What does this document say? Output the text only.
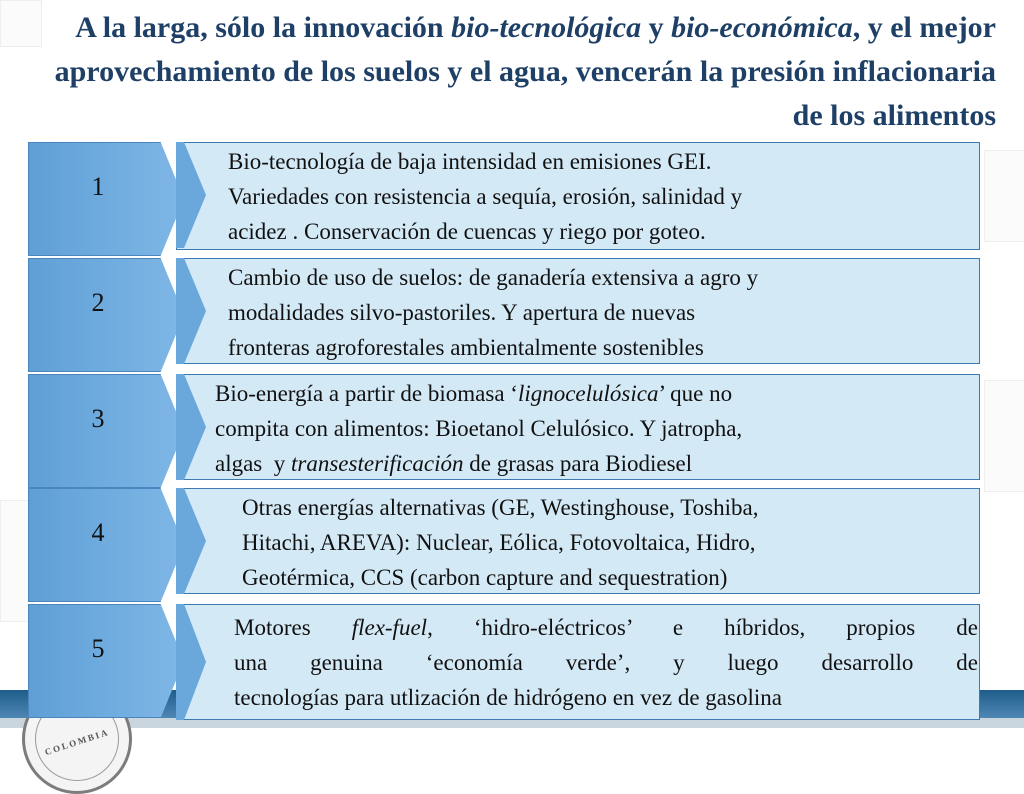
COLOMBIA
A la larga, sólo la innovación bio-tecnológica y bio-económica, y el mejor aprovechamiento de los suelos y el agua, vencerán la presión inflacionaria de los alimentos
1
Bio-tecnología de baja intensidad en emisiones GEI.
Variedades con resistencia a sequía, erosión, salinidad y
acidez . Conservación de cuencas y riego por goteo.
2
Cambio de uso de suelos: de ganadería extensiva a agro y
modalidades silvo-pastoriles. Y apertura de nuevas
fronteras agroforestales ambientalmente sostenibles
3
Bio-energía a partir de biomasa ‘lignocelulósica’ que no
compita con alimentos: Bioetanol Celulósico. Y jatropha,
algas  y transesterificación de grasas para Biodiesel
4
Otras energías alternativas (GE, Westinghouse, Toshiba,
Hitachi, AREVA): Nuclear, Eólica, Fotovoltaica, Hidro,
Geotérmica, CCS (carbon capture and sequestration)
5
Motores flex-fuel, ‘hidro-eléctricos’ e híbridos, propios de
una genuina ‘economía verde’, y luego desarrollo de
tecnologías para utlización de hidrógeno en vez de gasolina
